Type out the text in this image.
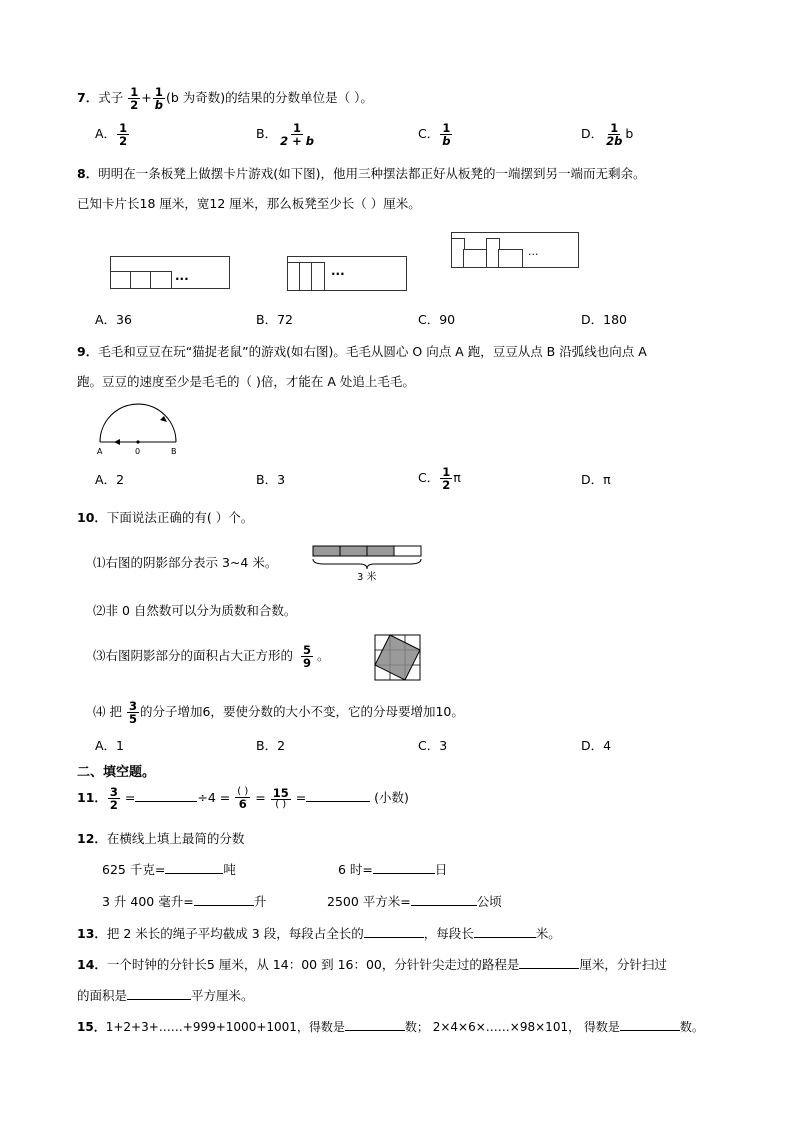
7．式子 $\frac{1}{2} + \frac{1}{b} (b$ 为奇数)的结果的分数单位是（ ）。
A． $\frac{1}{2}$	B． $\frac{1}{2 + b}$	C． $\frac{1}{b}$	D． $\frac{1}{2b}$ b
8．明明在一条板凳上做摆卡片游戏(如下图)，他用三种摆法都正好从板凳的一端摆到另一端而无剩余。
已知卡片长18 厘米，宽12 厘米，那么板凳至少长（ ）厘米。
···	···
···
A．36	B．72	C．90	D．180
9．毛毛和豆豆在玩“猫捉老鼠”的游戏(如右图)。毛毛从圆心 O 向点 A 跑，豆豆从点 B 沿弧线也向点 A
跑。豆豆的速度至少是毛毛的（ )倍，才能在 A 处追上毛毛。
A	0	B
A．2	B．3	C． $\frac{1}{2}$ π	D．π
10．下面说法正确的有( ）个。
⑴右图的阴影部分表示 3~4 米。
3 米
⑵非 0 自然数可以分为质数和合数。
⑶右图阴影部分的面积占大正方形的 $\frac{5}{9}$ 。
⑷ 把 $\frac{3}{5}$ 的分子增加6，要使分数的大小不变，它的分母要增加10。
A．1	B．2	C．3	D．4
二、填空题。
11． $\frac{3}{2}$ =	$\div 4 = \frac{( )}{6} = \frac{15}{( )}$ =	(小数)
12．在横线上填上最简的分数
625 千克=	吨	6 时=	日
3 升 400 毫升=	升	2500 平方米=	公顷
13．把 2 米长的绳子平均截成 3 段，每段占全长的	，每段长	米。
14．一个时钟的分针长5 厘米，从 14：00 到 16：00，分针针尖走过的路程是	厘米，分针扫过
的面积是	平方厘米。
15．1+2+3+……+999+1000+1001，得数是	数； 2×4×6×……×98×101， 得数是	数。
